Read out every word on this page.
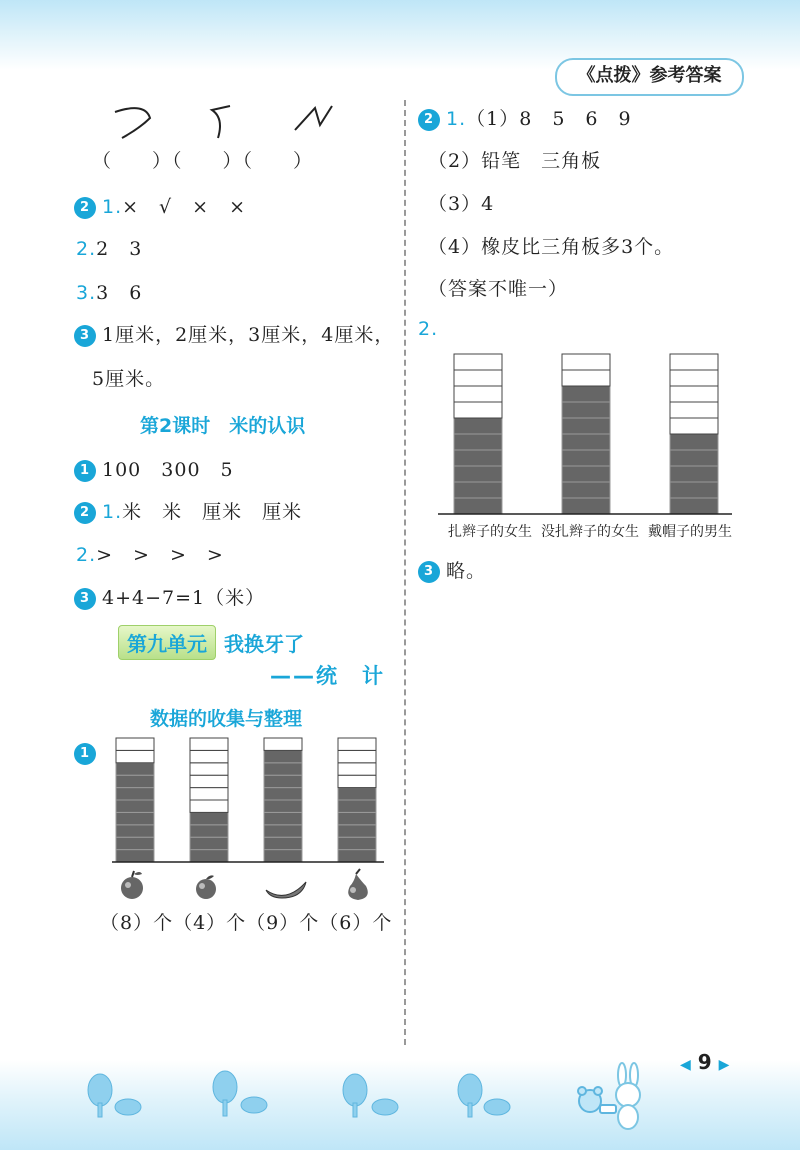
《点拨》参考答案
（　　）（　　）（　　）
2 1.×　√　×　×
2.2　3
3.3　6
3 1厘米，2厘米，3厘米，4厘米，
5厘米。
第2课时　米的认识
1 100　300　5
2 1.米　米　厘米　厘米
2.>　>　>　>
3 4+4−7=1（米）
第九单元 我换牙了
——统　计
数据的收集与整理
1
（8）个（4）个（9）个（6）个
2 1.（1）8　5　6　9
（2）铅笔　三角板
（3）4
（4）橡皮比三角板多3个。
（答案不唯一）
2.
扎辫子的女生 没扎辫子的女生 戴帽子的男生
3 略。
◀ 9 ▶
